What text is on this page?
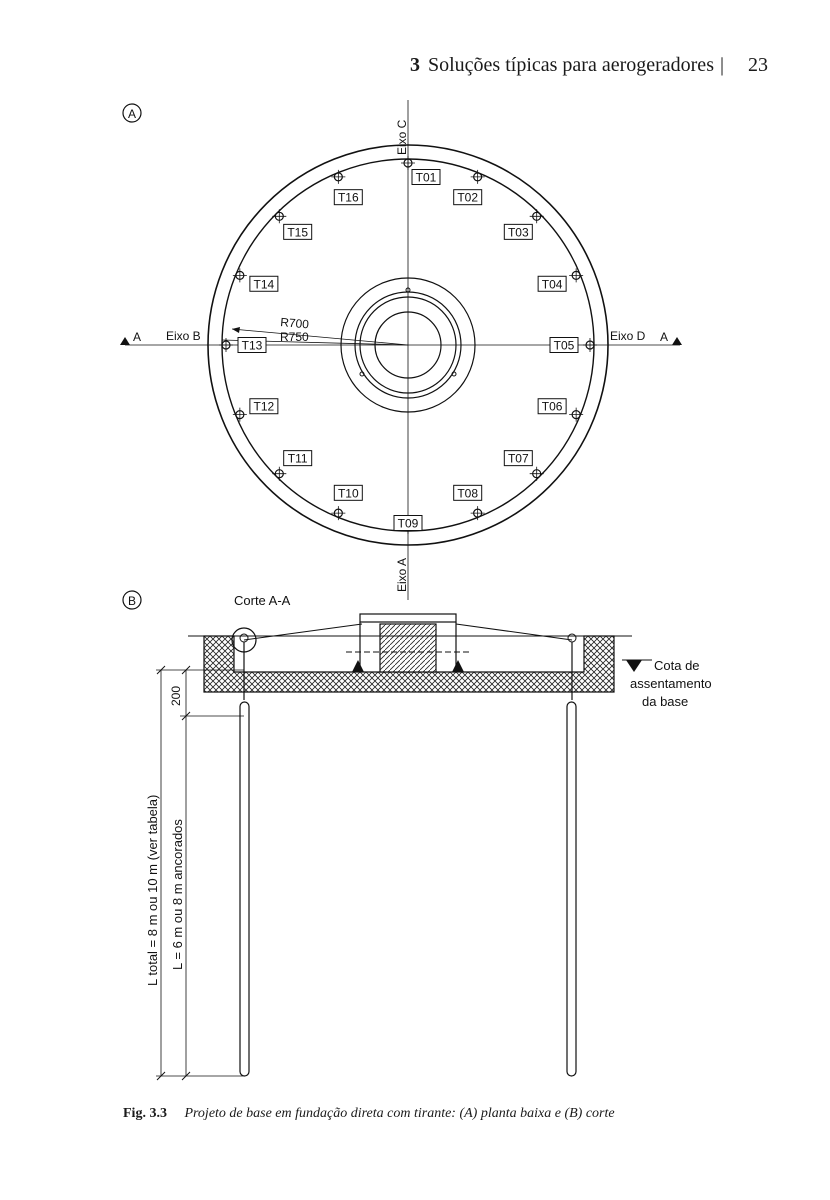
3 Soluções típicas para aerogeradores | 23
A
R700
R750
Eixo C
Eixo A
Eixo B	Eixo D
A	A
T01
T02
T03
T04
T05
T06
T07
T08
T09
T10
T11
T12
T13
T14
T15
T16
B	Corte A-A
Cota de
assentamento
da base
200
L total = 8 m ou 10 m (ver tabela) L = 6 m ou 8 m ancorados
Fig. 3.3 Projeto de base em fundação direta com tirante: (A) planta baixa e (B) corte
